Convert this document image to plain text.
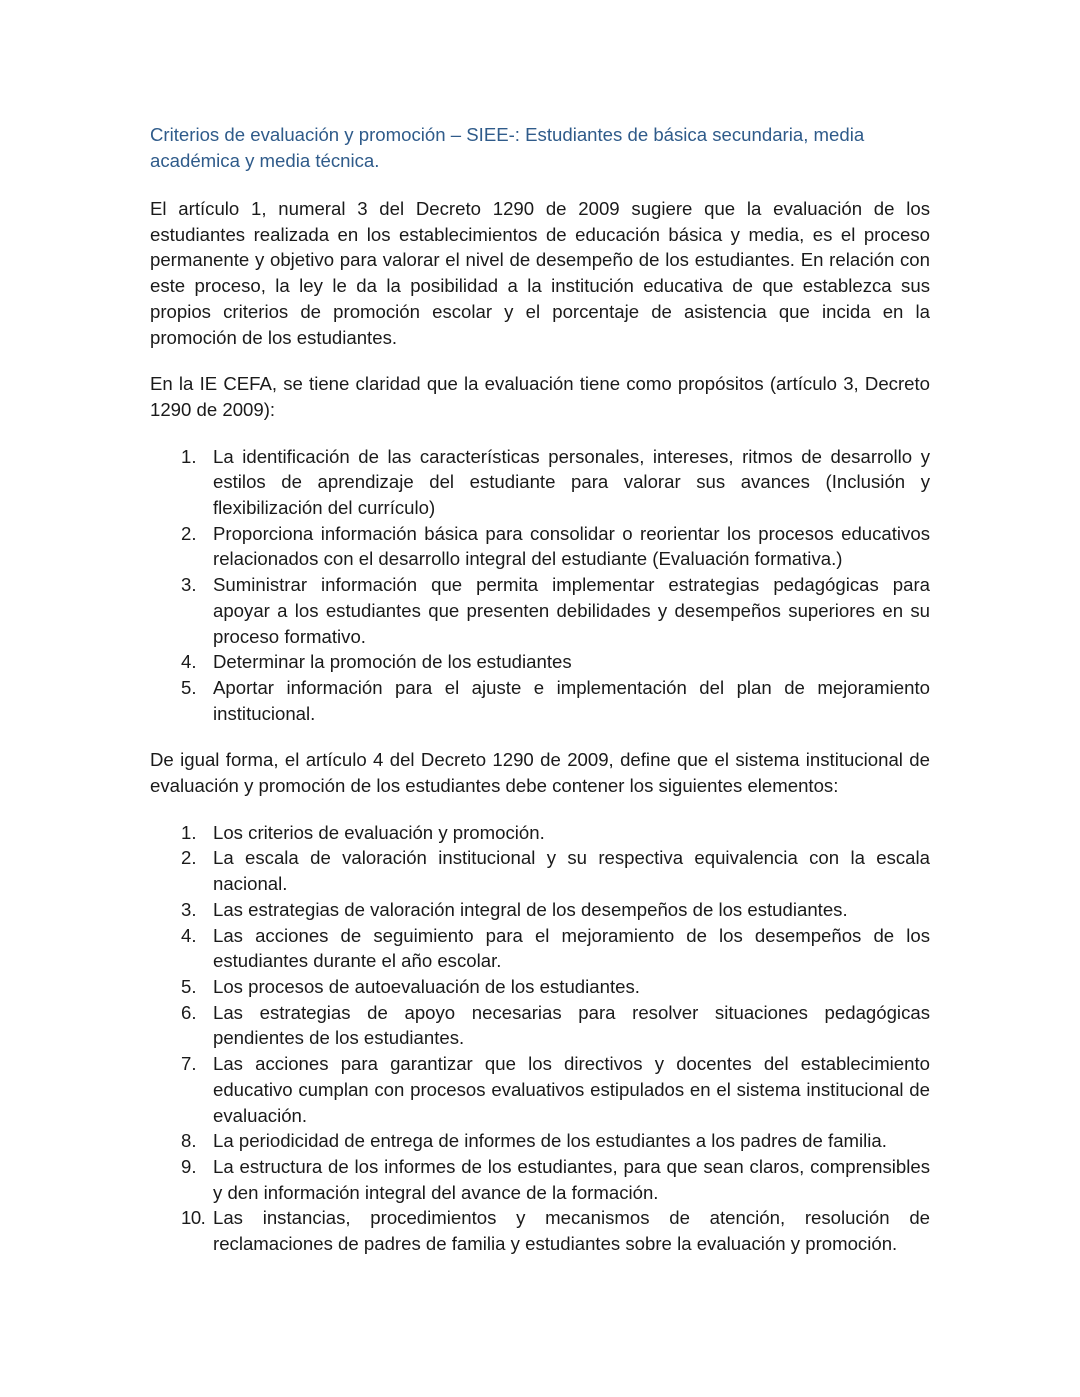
Criterios de evaluación y promoción – SIEE-: Estudiantes de básica secundaria, media académica y media técnica.

El artículo 1, numeral 3 del Decreto 1290 de 2009 sugiere que la evaluación de los estudiantes realizada en los establecimientos de educación básica y media, es el proceso permanente y objetivo para valorar el nivel de desempeño de los estudiantes. En relación con este proceso, la ley le da la posibilidad a la institución educativa de que establezca sus propios criterios de promoción escolar y el porcentaje de asistencia que incida en la promoción de los estudiantes.

En la IE CEFA, se tiene claridad que la evaluación tiene como propósitos (artículo 3, Decreto 1290 de 2009):

1. La identificación de las características personales, intereses, ritmos de desarrollo y estilos de aprendizaje del estudiante para valorar sus avances (Inclusión y flexibilización del currículo)
2. Proporciona información básica para consolidar o reorientar los procesos educativos relacionados con el desarrollo integral del estudiante (Evaluación formativa.)
3. Suministrar información que permita implementar estrategias pedagógicas para apoyar a los estudiantes que presenten debilidades y desempeños superiores en su proceso formativo.
4. Determinar la promoción de los estudiantes
5. Aportar información para el ajuste e implementación del plan de mejoramiento institucional.

De igual forma, el artículo 4 del Decreto 1290 de 2009, define que el sistema institucional de evaluación y promoción de los estudiantes debe contener los siguientes elementos:

1. Los criterios de evaluación y promoción.
2. La escala de valoración institucional y su respectiva equivalencia con la escala nacional.
3. Las estrategias de valoración integral de los desempeños de los estudiantes.
4. Las acciones de seguimiento para el mejoramiento de los desempeños de los estudiantes durante el año escolar.
5. Los procesos de autoevaluación de los estudiantes.
6. Las estrategias de apoyo necesarias para resolver situaciones pedagógicas pendientes de los estudiantes.
7. Las acciones para garantizar que los directivos y docentes del establecimiento educativo cumplan con procesos evaluativos estipulados en el sistema institucional de evaluación.
8. La periodicidad de entrega de informes de los estudiantes a los padres de familia.
9. La estructura de los informes de los estudiantes, para que sean claros, comprensibles y den información integral del avance de la formación.
10. Las instancias, procedimientos y mecanismos de atención, resolución de reclamaciones de padres de familia y estudiantes sobre la evaluación y promoción.
